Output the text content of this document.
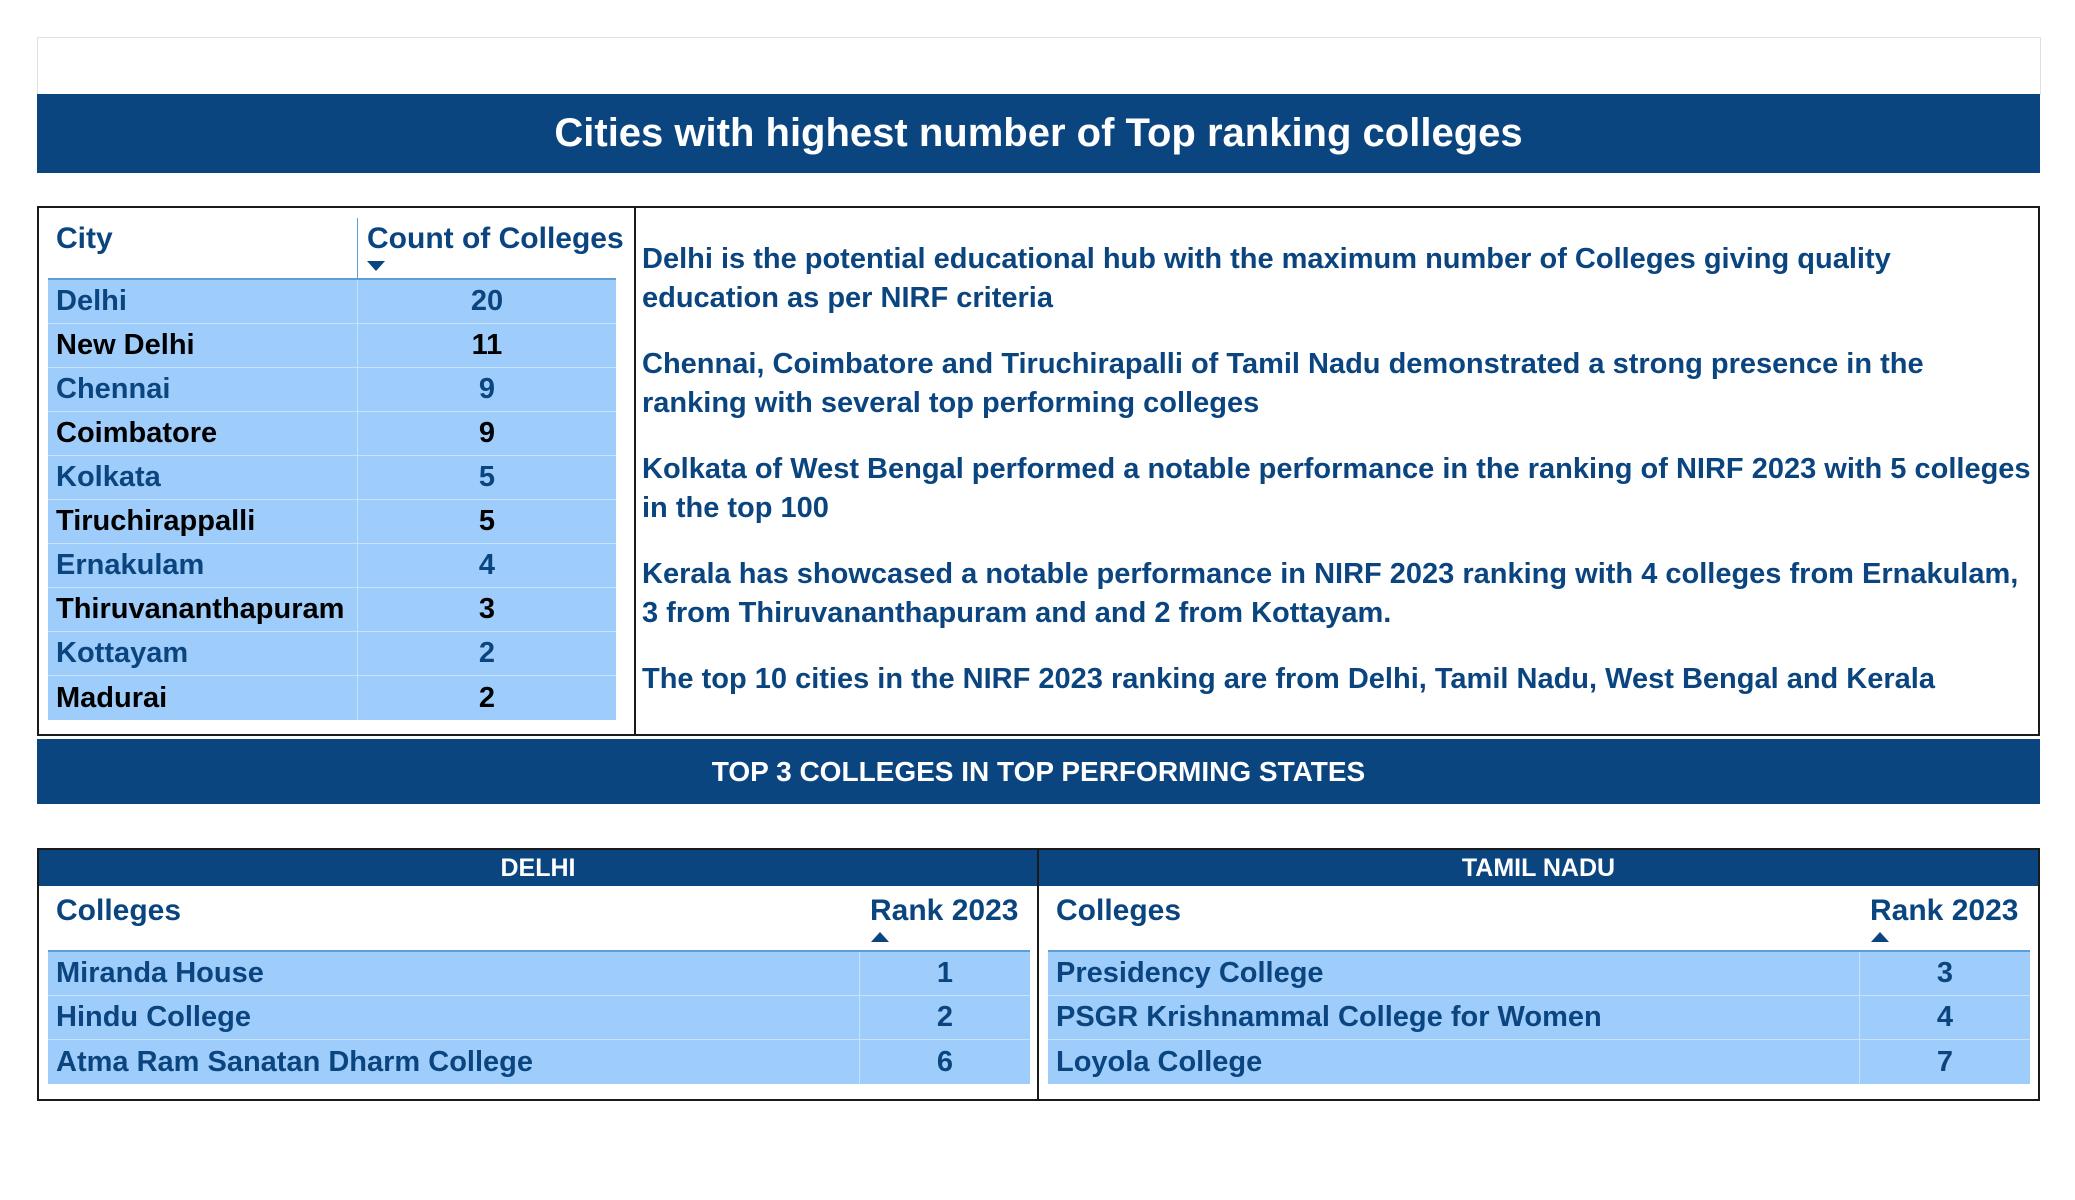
Cities with highest number of Top ranking colleges
City	Count of Colleges
Delhi	20
New Delhi	11
Chennai	9
Coimbatore	9
Kolkata	5
Tiruchirappalli	5
Ernakulam	4
Thiruvananthapuram	3
Kottayam	2
Madurai	2

Delhi is the potential educational hub with the maximum number of Colleges giving quality education as per NIRF criteria

Chennai, Coimbatore and Tiruchirapalli of Tamil Nadu demonstrated a strong presence in the ranking with several top performing colleges

Kolkata of West Bengal performed a notable performance in the ranking of NIRF 2023 with 5 colleges in the top 100

Kerala has showcased a notable performance in NIRF 2023 ranking with 4 colleges from Ernakulam, 3 from Thiruvananthapuram and and 2 from Kottayam.

The top 10 cities in the NIRF 2023 ranking are from Delhi, Tamil Nadu, West Bengal and Kerala

TOP 3 COLLEGES IN TOP PERFORMING STATES
DELHI
Colleges	Rank 2023
Miranda House	1
Hindu College	2
Atma Ram Sanatan Dharm College	6
TAMIL NADU
Colleges	Rank 2023
Presidency College	3
PSGR Krishnammal College for Women	4
Loyola College	7
